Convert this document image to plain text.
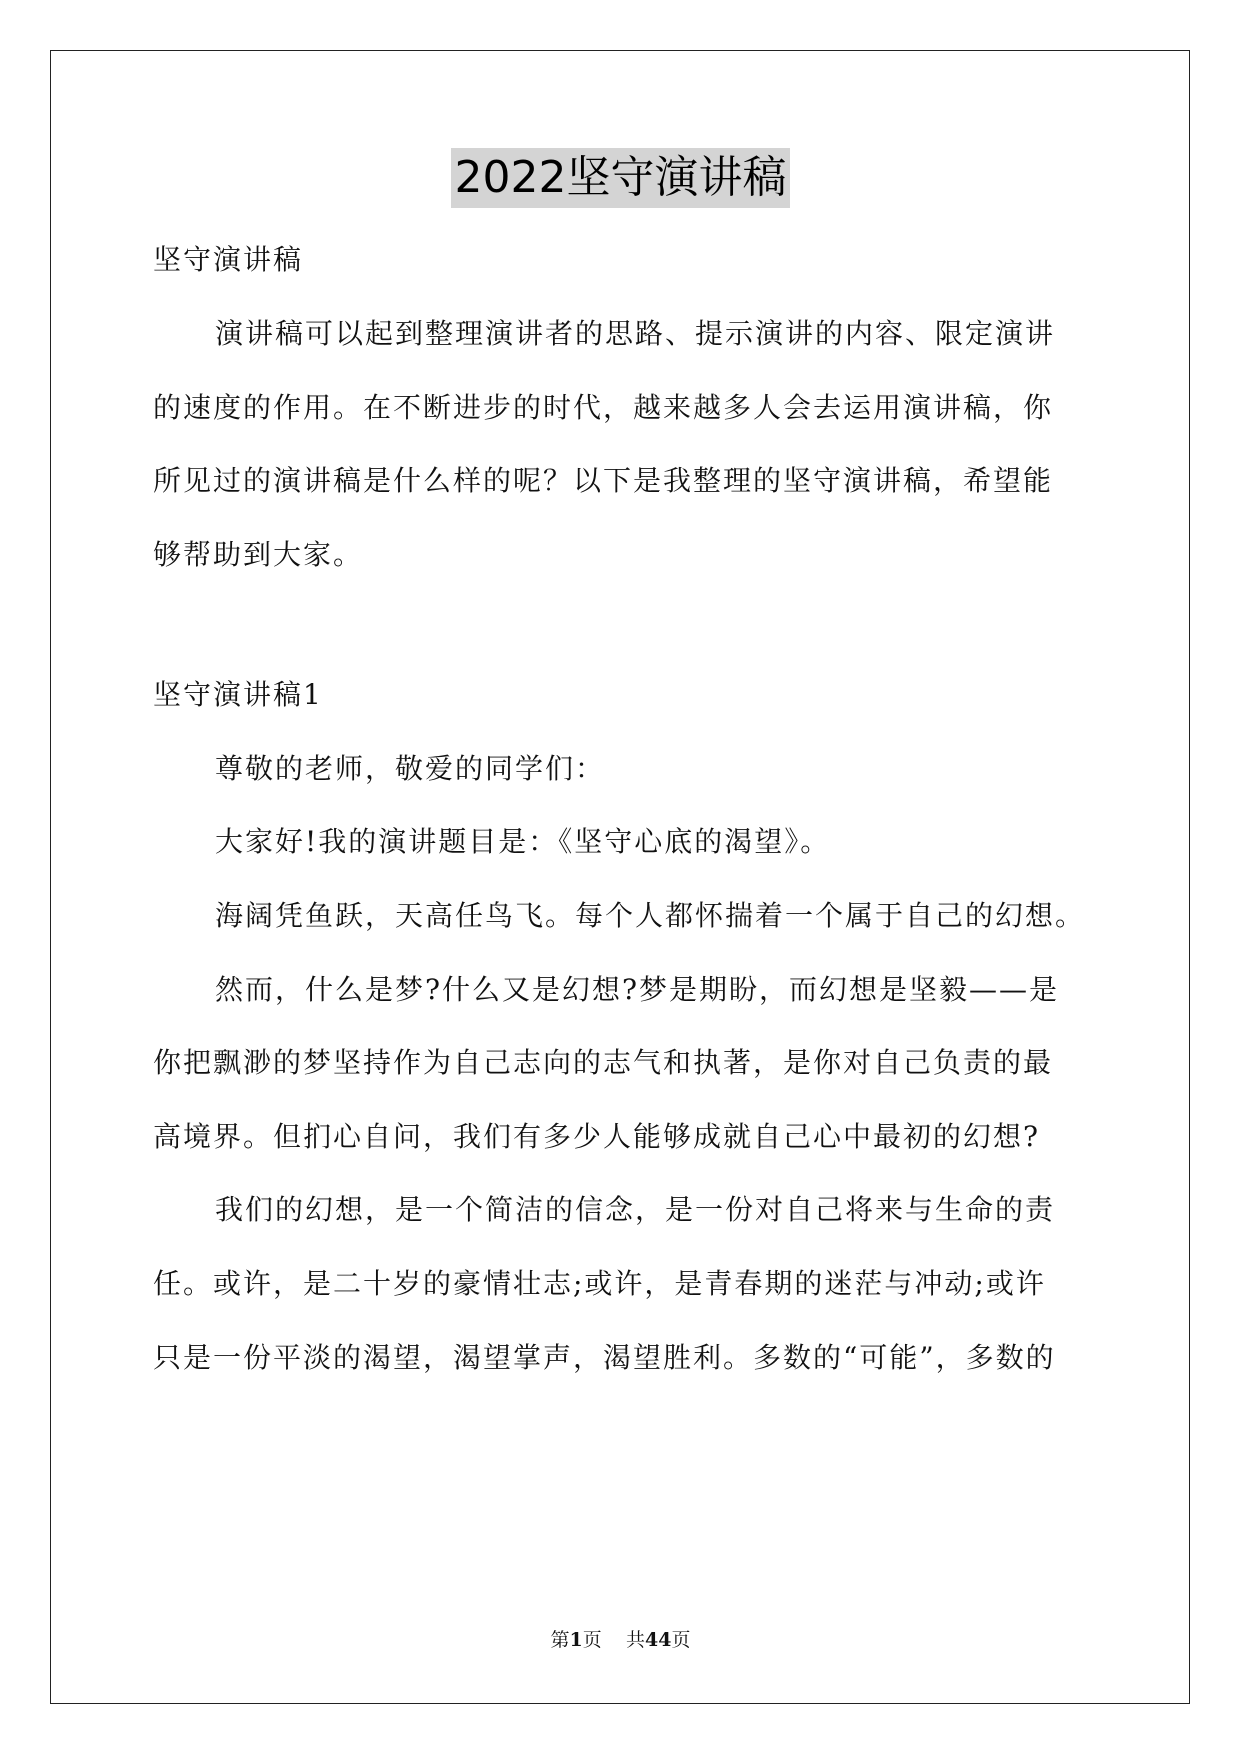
2022坚守演讲稿
坚守演讲稿
演讲稿可以起到整理演讲者的思路、提示演讲的内容、限定演讲
的速度的作用。在不断进步的时代，越来越多人会去运用演讲稿，你
所见过的演讲稿是什么样的呢？以下是我整理的坚守演讲稿，希望能
够帮助到大家。
坚守演讲稿1
尊敬的老师，敬爱的同学们：
大家好!我的演讲题目是：《坚守心底的渴望》。
海阔凭鱼跃，天高任鸟飞。每个人都怀揣着一个属于自己的幻想。
然而，什么是梦?什么又是幻想?梦是期盼，而幻想是坚毅——是
你把飘渺的梦坚持作为自己志向的志气和执著，是你对自己负责的最
高境界。但扪心自问，我们有多少人能够成就自己心中最初的幻想?
我们的幻想，是一个简洁的信念，是一份对自己将来与生命的责
任。或许，是二十岁的豪情壮志;或许，是青春期的迷茫与冲动;或许
只是一份平淡的渴望，渴望掌声，渴望胜利。多数的“可能”，多数的
第1页 共44页
